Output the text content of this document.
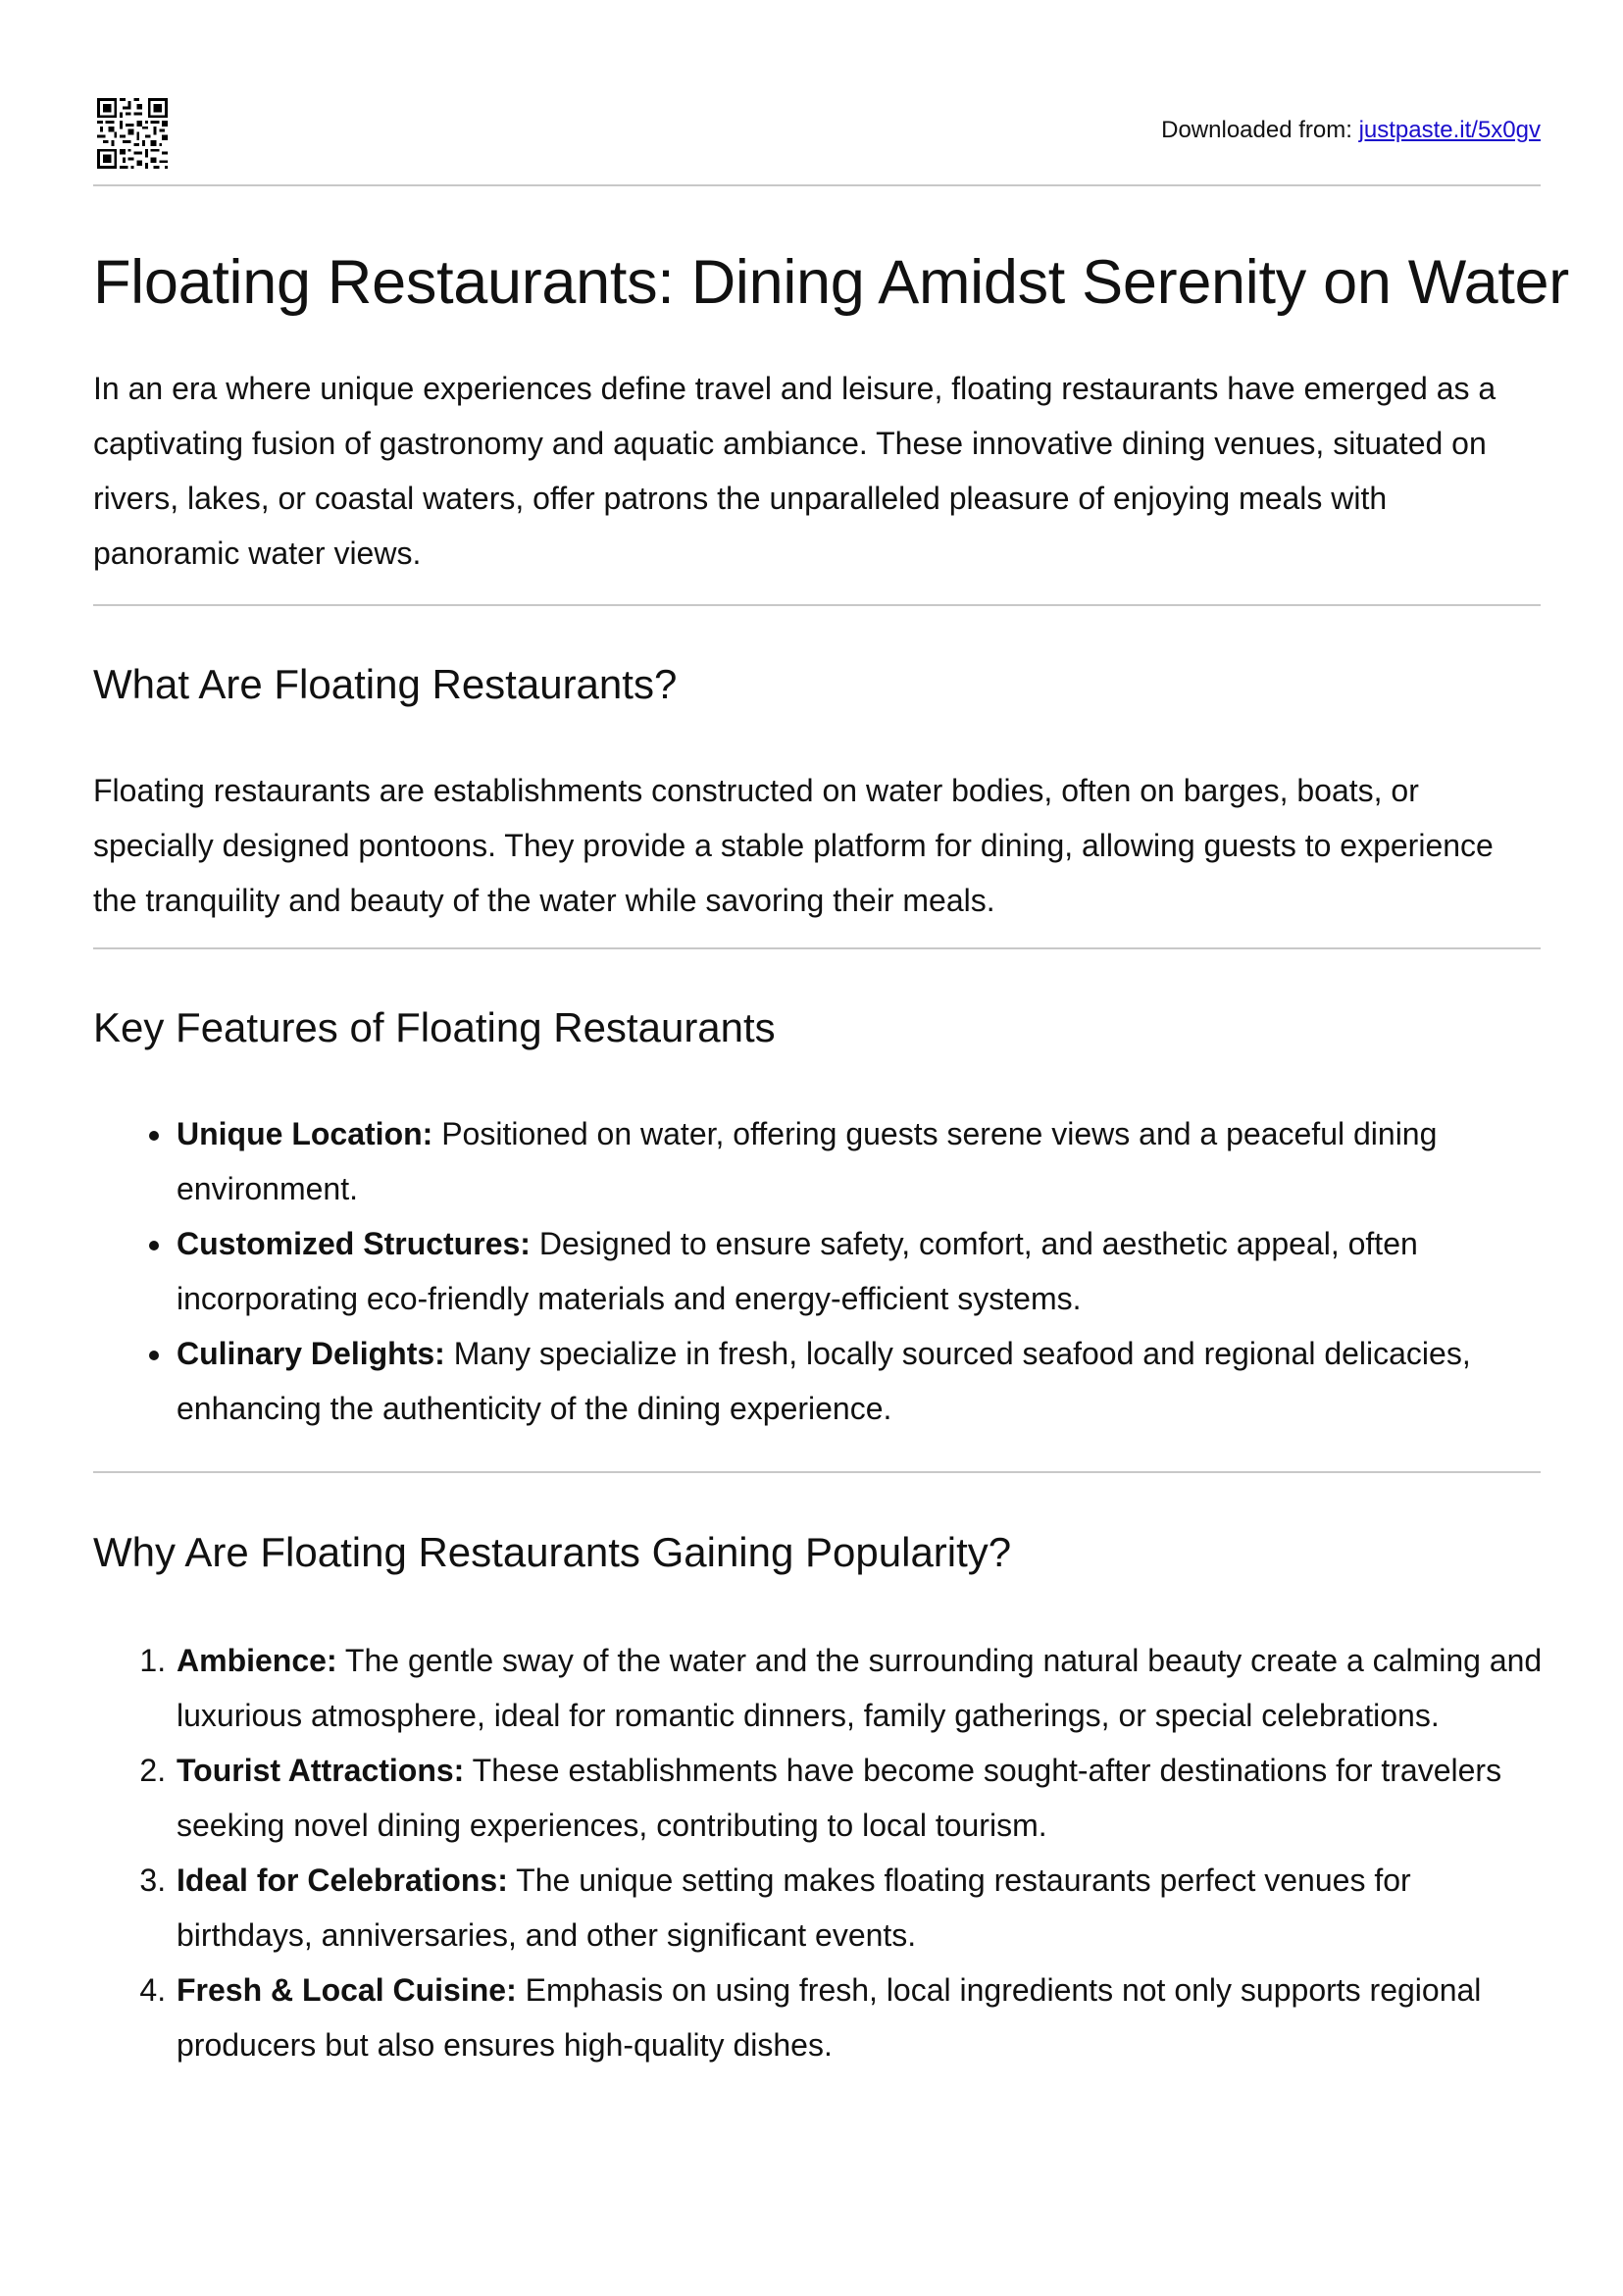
Downloaded from: justpaste.it/5x0gv
Floating Restaurants: Dining Amidst Serenity on Water

In an era where unique experiences define travel and leisure, floating restaurants have emerged as a captivating fusion of gastronomy and aquatic ambiance. These innovative dining venues, situated on rivers, lakes, or coastal waters, offer patrons the unparalleled pleasure of enjoying meals with panoramic water views.

What Are Floating Restaurants?

Floating restaurants are establishments constructed on water bodies, often on barges, boats, or specially designed pontoons. They provide a stable platform for dining, allowing guests to experience the tranquility and beauty of the water while savoring their meals.

Key Features of Floating Restaurants
• Unique Location: Positioned on water, offering guests serene views and a peaceful dining environment.
• Customized Structures: Designed to ensure safety, comfort, and aesthetic appeal, often incorporating eco-friendly materials and energy-efficient systems.
• Culinary Delights: Many specialize in fresh, locally sourced seafood and regional delicacies, enhancing the authenticity of the dining experience.
Why Are Floating Restaurants Gaining Popularity?
1. Ambience: The gentle sway of the water and the surrounding natural beauty create a calming and luxurious atmosphere, ideal for romantic dinners, family gatherings, or special celebrations.
2. Tourist Attractions: These establishments have become sought-after destinations for travelers seeking novel dining experiences, contributing to local tourism.
3. Ideal for Celebrations: The unique setting makes floating restaurants perfect venues for birthdays, anniversaries, and other significant events.
4. Fresh & Local Cuisine: Emphasis on using fresh, local ingredients not only supports regional producers but also ensures high-quality dishes.
